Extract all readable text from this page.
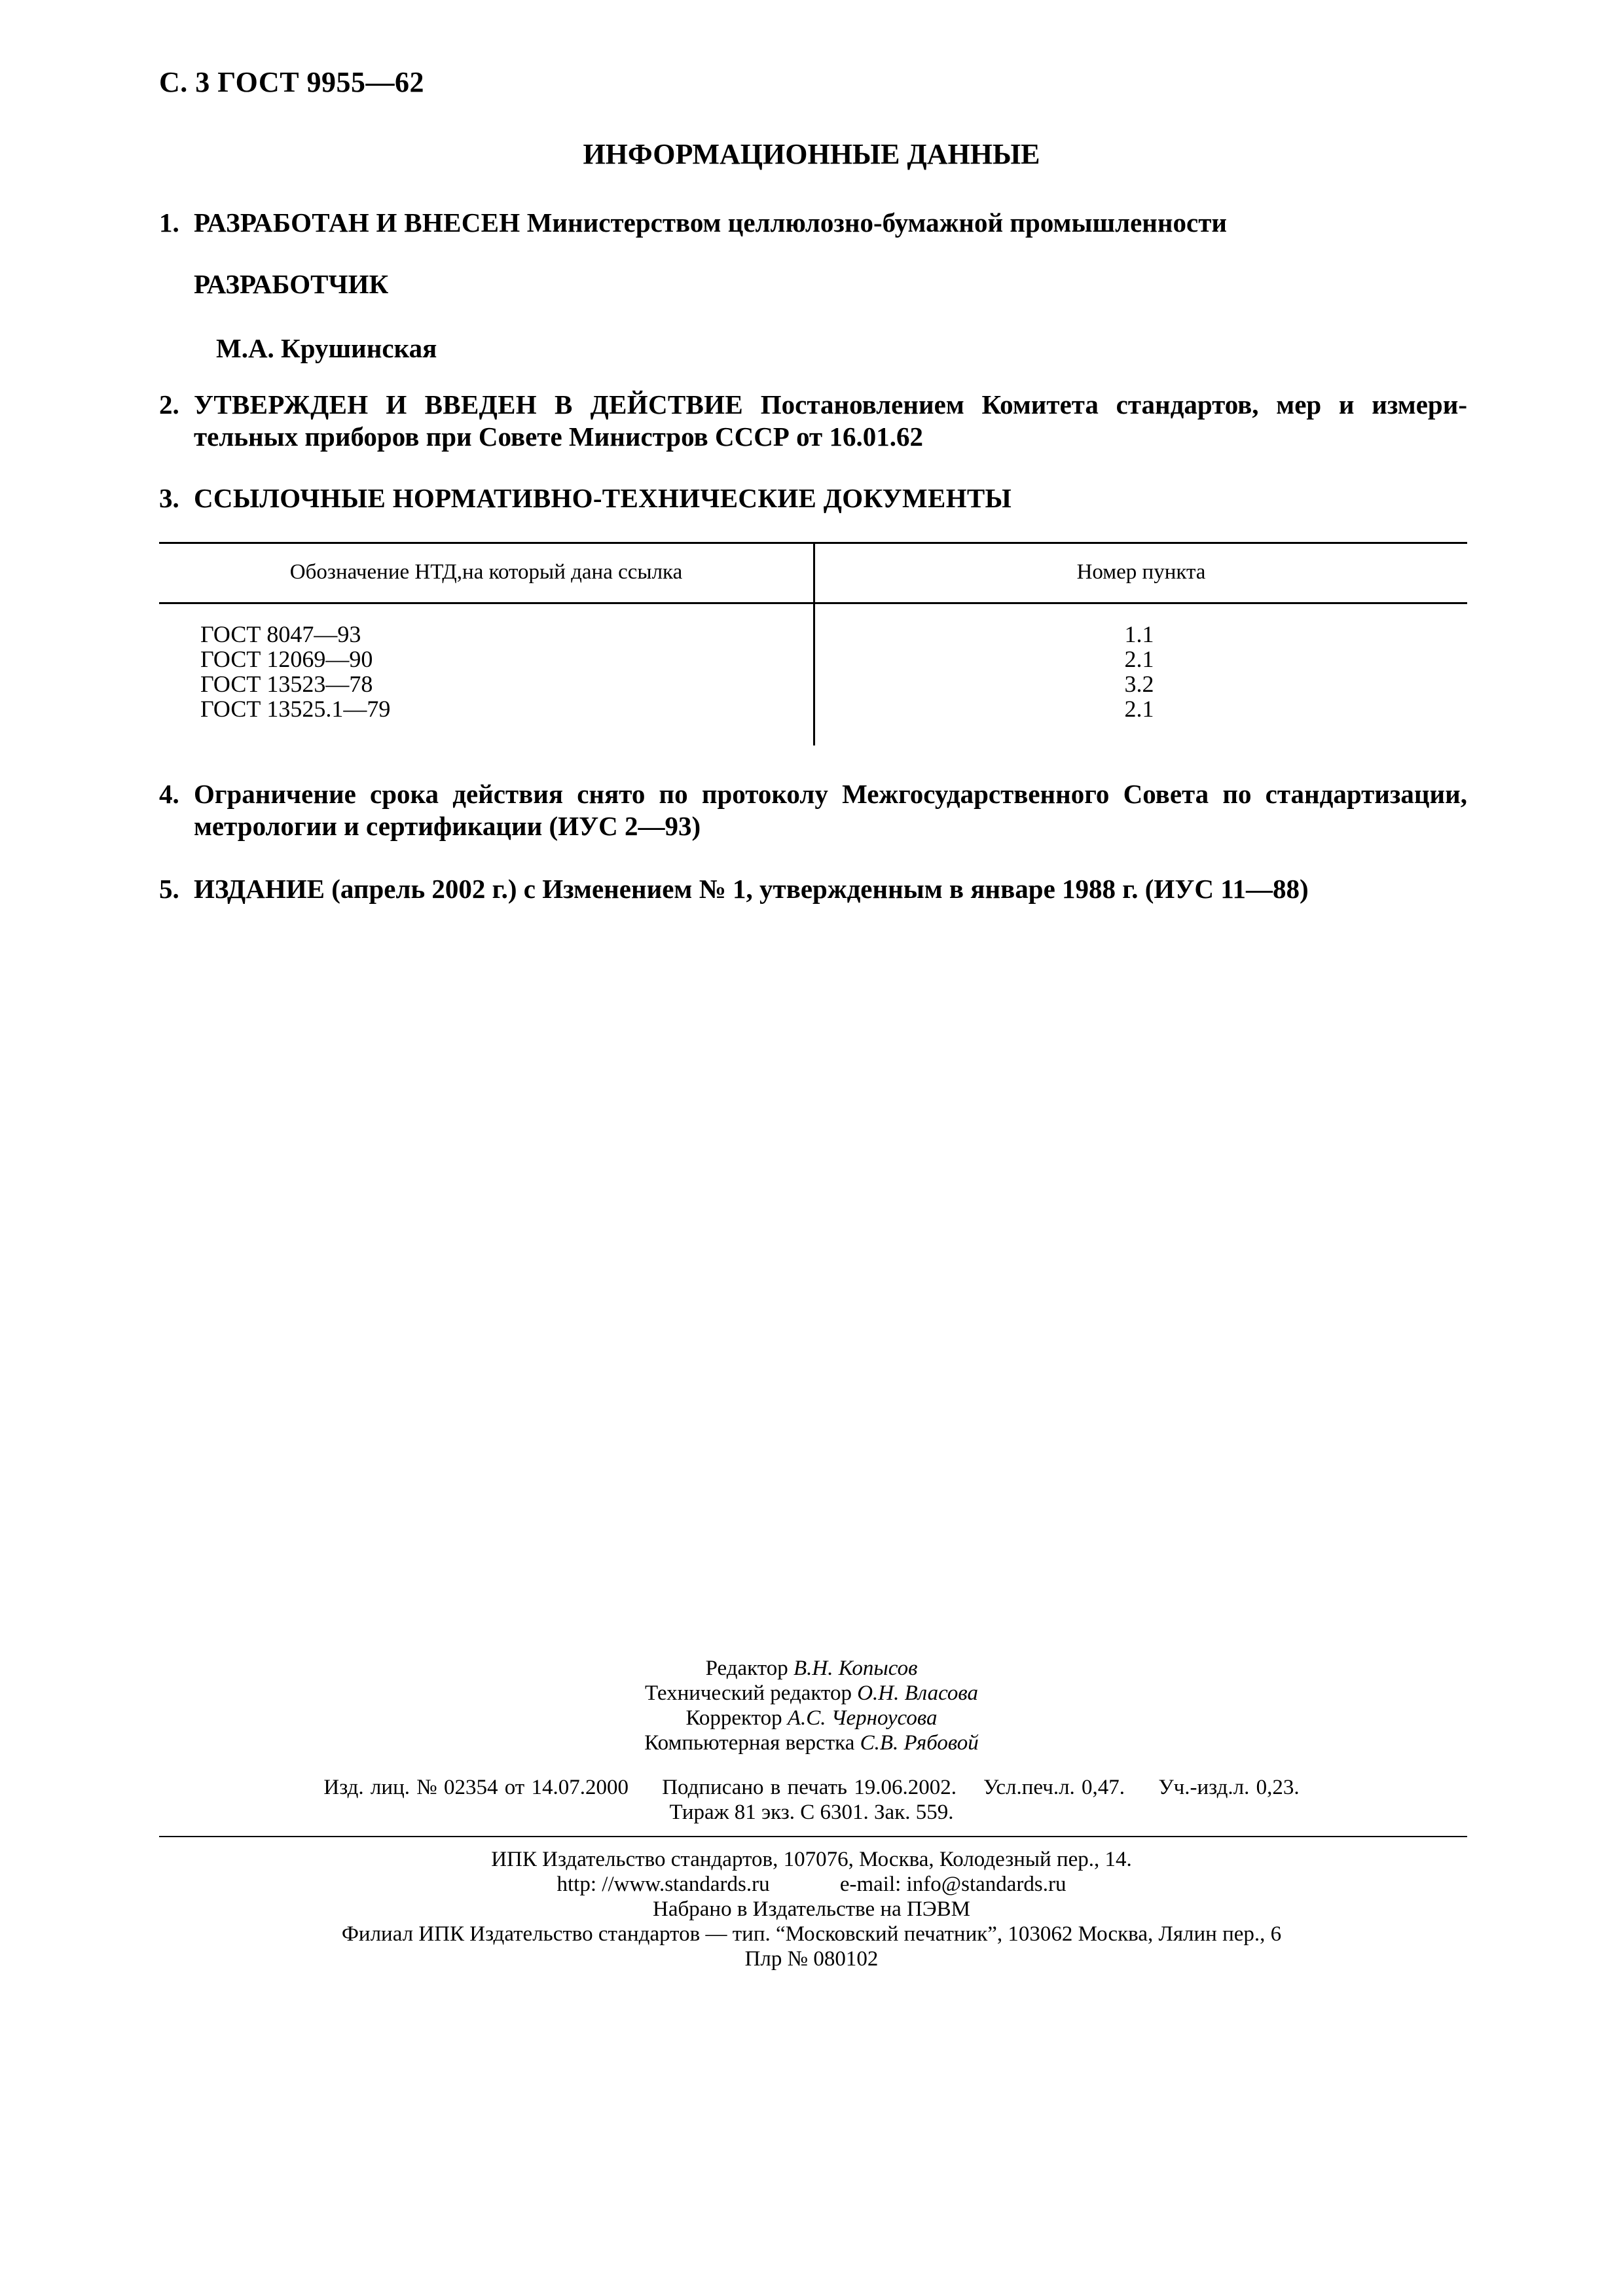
С. 3 ГОСТ 9955—62
ИНФОРМАЦИОННЫЕ ДАННЫЕ
1. РАЗРАБОТАН И ВНЕСЕН Министерством целлюлозно-бумажной промышленности
РАЗРАБОТЧИК
М.А. Крушинская
2. УТВЕРЖДЕН И ВВЕДЕН В ДЕЙСТВИЕ Постановлением Комитета стандартов, мер и измери-
тельных приборов при Совете Министров СССР от 16.01.62
3. ССЫЛОЧНЫЕ НОРМАТИВНО-ТЕХНИЧЕСКИЕ ДОКУМЕНТЫ
Обозначение НТД,на который дана ссылка	Номер пункта
ГОСТ 8047—93
ГОСТ 12069—90
ГОСТ 13523—78
ГОСТ 13525.1—79
1.1
2.1
3.2
2.1
4. Ограничение срока действия снято по протоколу Межгосударственного Совета по стандартизации,
метрологии и сертификации (ИУС 2—93)
5. ИЗДАНИЕ (апрель 2002 г.) с Изменением № 1, утвержденным в январе 1988 г. (ИУС 11—88)
Редактор В.Н. Копысов
Технический редактор О.Н. Власова
Корректор А.С. Черноусова
Компьютерная верстка С.В. Рябовой
Изд. лиц. № 02354 от 14.07.2000 Подписано в печать 19.06.2002. Усл.печ.л. 0,47. Уч.-изд.л. 0,23.
Тираж 81 экз. С 6301. Зак. 559.
ИПК Издательство стандартов, 107076, Москва, Колодезный пер., 14.
http: //www.standards.ru	e-mail: info@standards.ru
Набрано в Издательстве на ПЭВМ
Филиал ИПК Издательство стандартов — тип. “Московский печатник”, 103062 Москва, Лялин пер., 6
Плр № 080102
